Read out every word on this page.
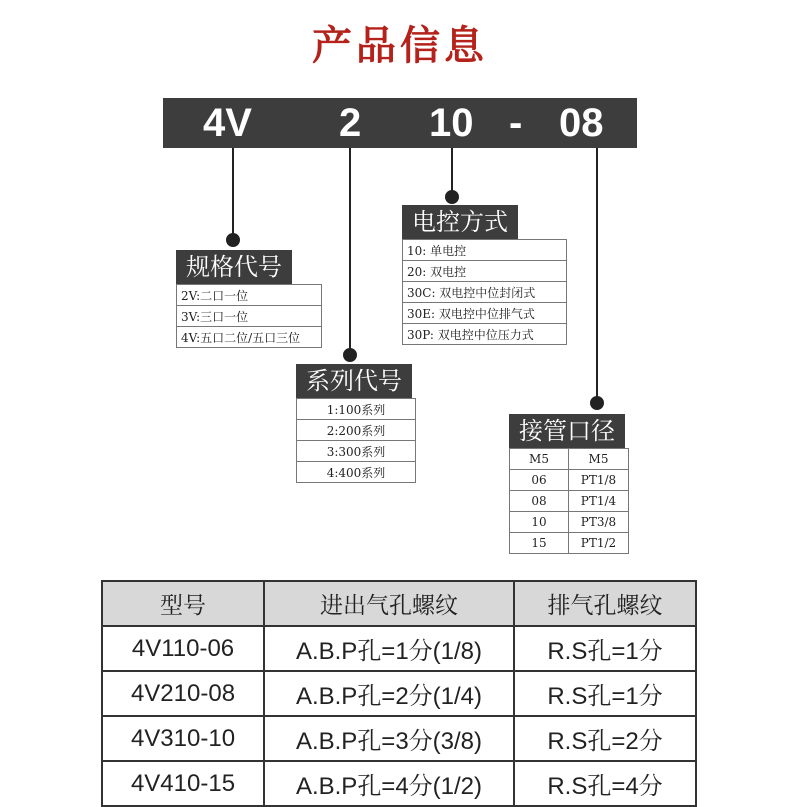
产品信息
4V 2 10 - 08
规格代号
2V:二口一位
3V:三口一位
4V:五口二位/五口三位
系列代号
1:100系列
2:200系列
3:300系列
4:400系列
电控方式
10: 单电控
20: 双电控
30C: 双电控中位封闭式
30E: 双电控中位排气式
30P: 双电控中位压力式
接管口径
M5	M5
06	PT1/8
08	PT1/4
10	PT3/8
15	PT1/2
型号	进出气孔螺纹	排气孔螺纹
4V110-06	A.B.P孔=1分(1/8)	R.S孔=1分
4V210-08	A.B.P孔=2分(1/4)	R.S孔=1分
4V310-10	A.B.P孔=3分(3/8)	R.S孔=2分
4V410-15	A.B.P孔=4分(1/2)	R.S孔=4分
